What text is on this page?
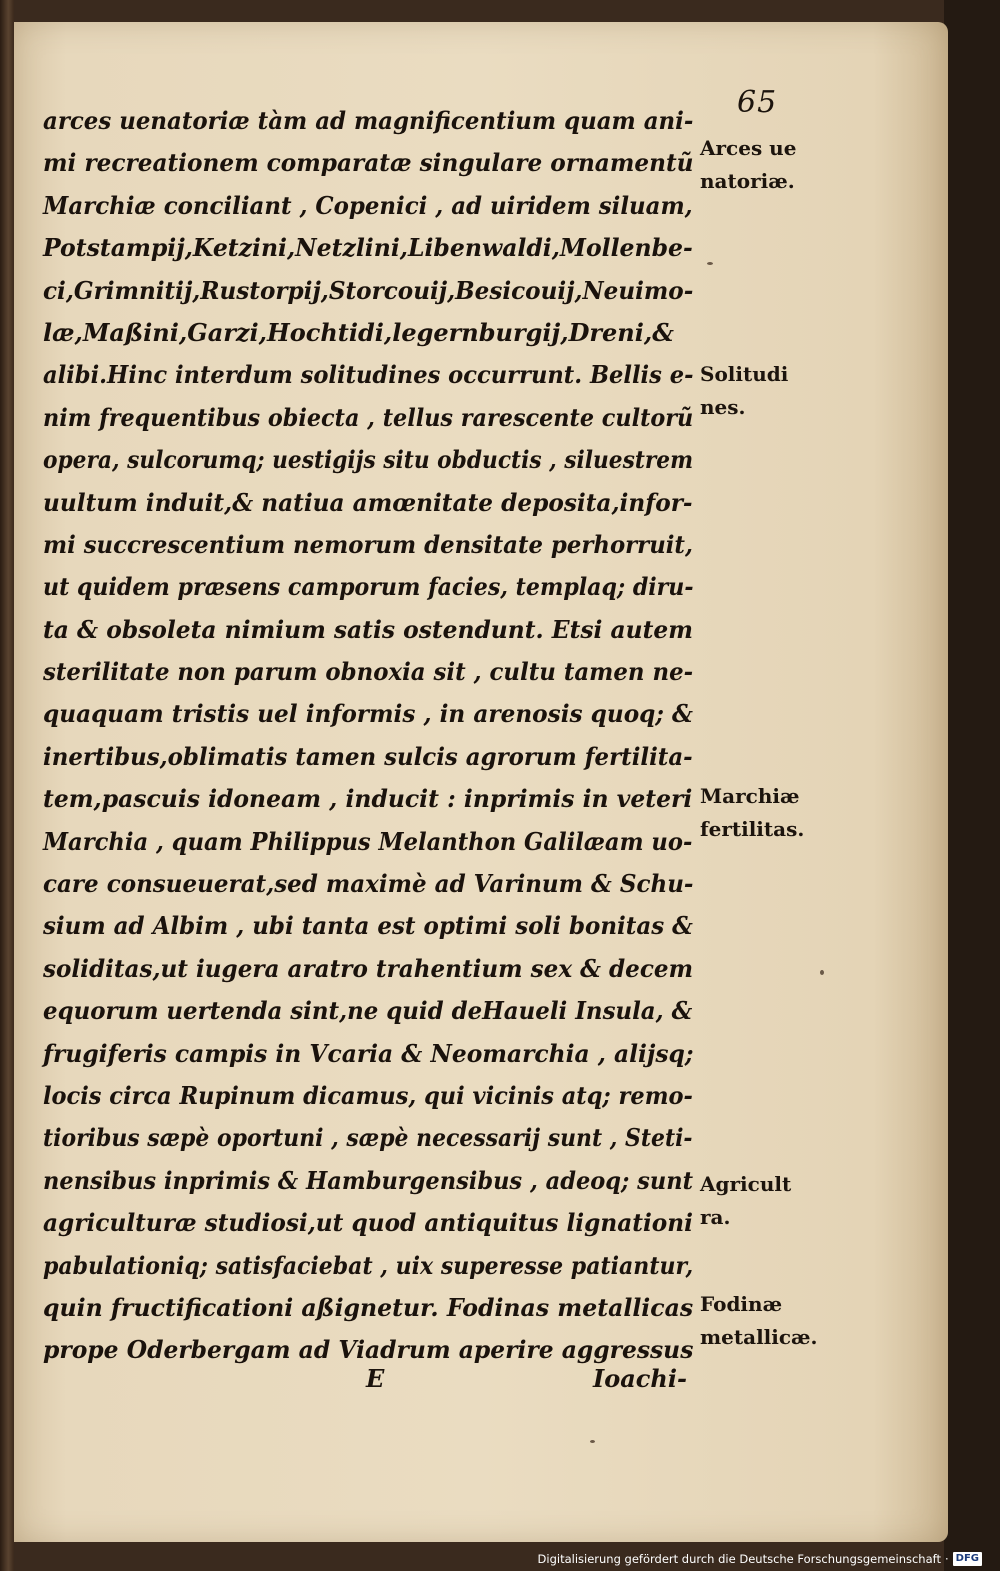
65
arces uenatoriæ tàm ad magnificentium quam ani-
mi recreationem comparatæ singulare ornamentũ
Marchiæ conciliant , Copenici , ad uiridem siluam,
Potstampij,Ketzini,Netzlini,Libenwaldi,Mollenbe-
ci,Grimnitij,Rustorpij,Storcouij,Besicouij,Neuimo-
læ,Maßini,Garzi,Hochtidi,legernburgij,Dreni,&
alibi.Hinc interdum solitudines occurrunt. Bellis e-
nim frequentibus obiecta , tellus rarescente cultorũ
opera, sulcorumq; uestigijs situ obductis , siluestrem
uultum induit,& natiua amœnitate deposita,infor-
mi succrescentium nemorum densitate perhorruit,
ut quidem præsens camporum facies, templaq; diru-
ta & obsoleta nimium satis ostendunt. Etsi autem
sterilitate non parum obnoxia sit , cultu tamen ne-
quaquam tristis uel informis , in arenosis quoq; &
inertibus,oblimatis tamen sulcis agrorum fertilita-
tem,pascuis idoneam , inducit : inprimis in veteri
Marchia , quam Philippus Melanthon Galilæam uo-
care consueuerat,sed maximè ad Varinum & Schu-
sium ad Albim , ubi tanta est optimi soli bonitas &
soliditas,ut iugera aratro trahentium sex & decem
equorum uertenda sint,ne quid deHaueli Insula, &
frugiferis campis in Vcaria & Neomarchia , alijsq;
locis circa Rupinum dicamus, qui vicinis atq; remo-
tioribus sæpè oportuni , sæpè necessarij sunt , Steti-
nensibus inprimis & Hamburgensibus , adeoq; sunt
agriculturæ studiosi,ut quod antiquitus lignationi
pabulationiq; satisfaciebat , uix superesse patiantur,
quin fructificationi aßignetur. Fodinas metallicas
prope Oderbergam ad Viadrum aperire aggressus
E	Ioachi-
Arces ue
natoriæ.
Solitudi
nes.
Marchiæ
fertilitas.
Agricult
ra.
Fodinæ
metallicæ.
Digitalisierung gefördert durch die Deutsche Forschungsgemeinschaft · DFG
